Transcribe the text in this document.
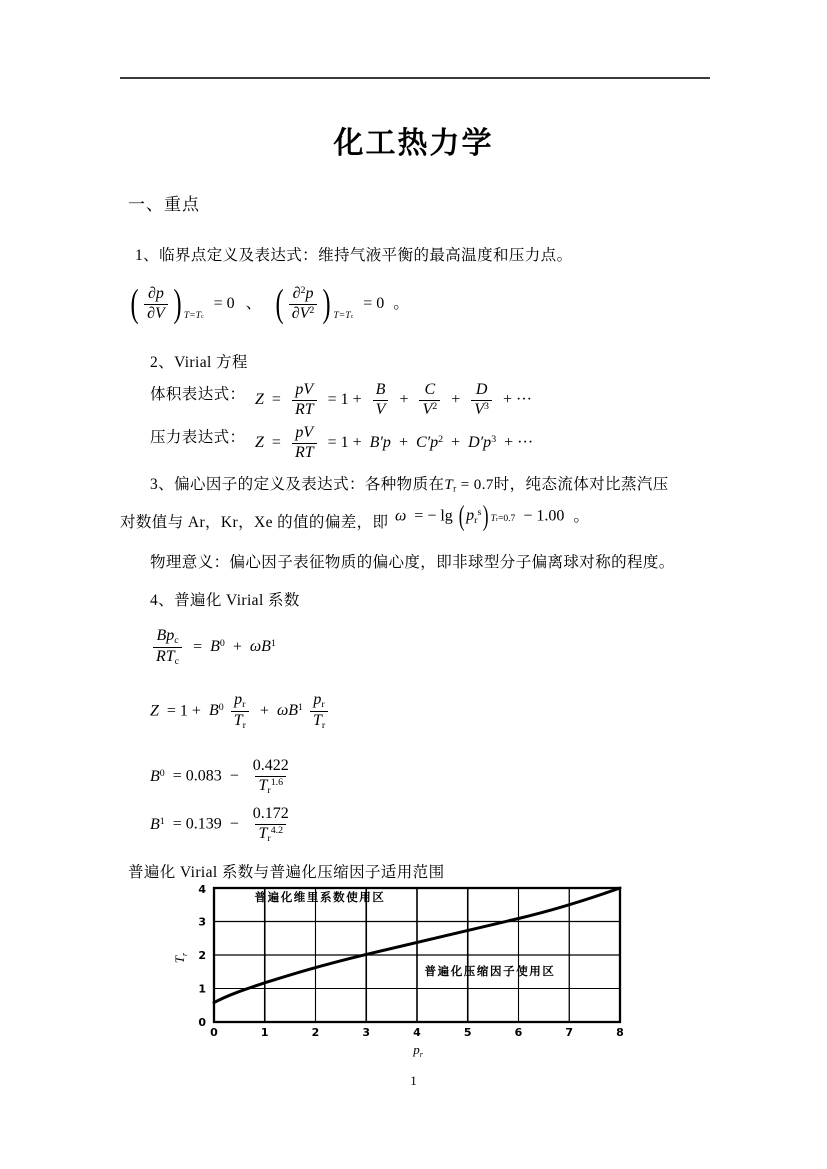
化工热力学
一、重点
1、临界点定义及表达式：维持气液平衡的最高温度和压力点。
( $\frac{\partial p}{\partial V}$ ) T=T c
= 0 、 ( $\frac{\partial^2p}{\partial V^2}$ ) T=T c
= 0 。
2、Virial 方程
体积表达式： $Z = \frac{pV}{RT} = 1 + \frac{B}{V} + \frac{C}{V^2} + \frac{D}{V^3}$ + ···
压力表达式： $Z = \frac{pV}{RT} = 1 + B'p + C'p^2 + D'p^3$  + ···
3、偏心因子的定义及表达式：各种物质在Tr = 0.7时，纯态流体对比蒸汽压
对数值与 Ar，Kr，Xe 的值的偏差，即 ω  = − lg ( $pr^s$ ) T r =0.7 − 1.00 。
物理意义：偏心因子表征物质的偏心度，即非球型分子偏离球对称的程度。
4、普遍化 Virial 系数
$\frac{\text{Bpc}}{\text{RTc}} = B^0 + \omega B^1$
$Z = 1 + B^0 \frac{pr}{Tr} + \omega B^1 \frac{pr}{Tr}$
$B^0 = 0.083 - \frac{0.422}{Tr^{1.6}}$
$B^1 = 0.139 - \frac{0.172}{Tr^{4.2}}$
普遍化 Virial 系数与普遍化压缩因子适用范围
0
1
2
3
4
0	1	2	3	4	5	6	7	8
$p_r$
$T_r$
普遍化维里系数使用区
普遍化压缩因子使用区
1
